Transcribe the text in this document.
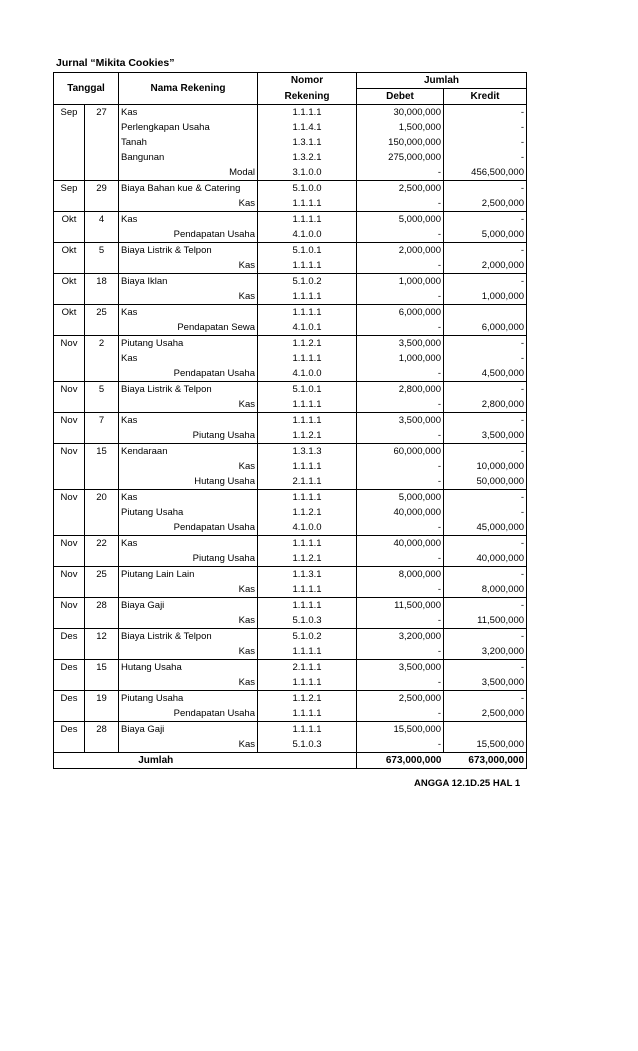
Jurnal “Mikita Cookies”
Tanggal		Nama Rekening	Nomor	Jumlah	
			Rekening	Debet	Kredit
Sep	27	Kas	1.1.1.1	30,000,000	-
		Perlengkapan Usaha	1.1.4.1	1,500,000	-
		Tanah	1.3.1.1	150,000,000	-
		Bangunan	1.3.2.1	275,000,000	-
		Modal	3.1.0.0	-	456,500,000
Sep	29	Biaya Bahan kue & Catering	5.1.0.0	2,500,000	-
		Kas	1.1.1.1	-	2,500,000
Okt	4	Kas	1.1.1.1	5,000,000	-
		Pendapatan Usaha	4.1.0.0	-	5,000,000
Okt	5	Biaya Listrik & Telpon	5.1.0.1	2,000,000	-
		Kas	1.1.1.1	-	2,000,000
Okt	18	Biaya Iklan	5.1.0.2	1,000,000	-
		Kas	1.1.1.1	-	1,000,000
Okt	25	Kas	1.1.1.1	6,000,000	
		Pendapatan Sewa	4.1.0.1	-	6,000,000
Nov	2	Piutang Usaha	1.1.2.1	3,500,000	-
		Kas	1.1.1.1	1,000,000	-
		Pendapatan Usaha	4.1.0.0	-	4,500,000
Nov	5	Biaya Listrik & Telpon	5.1.0.1	2,800,000	-
		Kas	1.1.1.1	-	2,800,000
Nov	7	Kas	1.1.1.1	3,500,000	-
		Piutang Usaha	1.1.2.1	-	3,500,000
Nov	15	Kendaraan	1.3.1.3	60,000,000	-
		Kas	1.1.1.1	-	10,000,000
		Hutang Usaha	2.1.1.1	-	50,000,000
Nov	20	Kas	1.1.1.1	5,000,000	-
		Piutang Usaha	1.1.2.1	40,000,000	-
		Pendapatan Usaha	4.1.0.0	-	45,000,000
Nov	22	Kas	1.1.1.1	40,000,000	-
		Piutang Usaha	1.1.2.1	-	40,000,000
Nov	25	Piutang Lain Lain	1.1.3.1	8,000,000	-
		Kas	1.1.1.1	-	8,000,000
Nov	28	Biaya Gaji	1.1.1.1	11,500,000	-
		Kas	5.1.0.3	-	11,500,000
Des	12	Biaya Listrik & Telpon	5.1.0.2	3,200,000	-
		Kas	1.1.1.1	-	3,200,000
Des	15	Hutang Usaha	2.1.1.1	3,500,000	-
		Kas	1.1.1.1	-	3,500,000
Des	19	Piutang Usaha	1.1.2.1	2,500,000	-
		Pendapatan Usaha	1.1.1.1	-	2,500,000
Des	28	Biaya Gaji	1.1.1.1	15,500,000	
		Kas	5.1.0.3	-	15,500,000
Jumlah				673,000,000	673,000,000
ANGGA 12.1D.25 HAL 1
